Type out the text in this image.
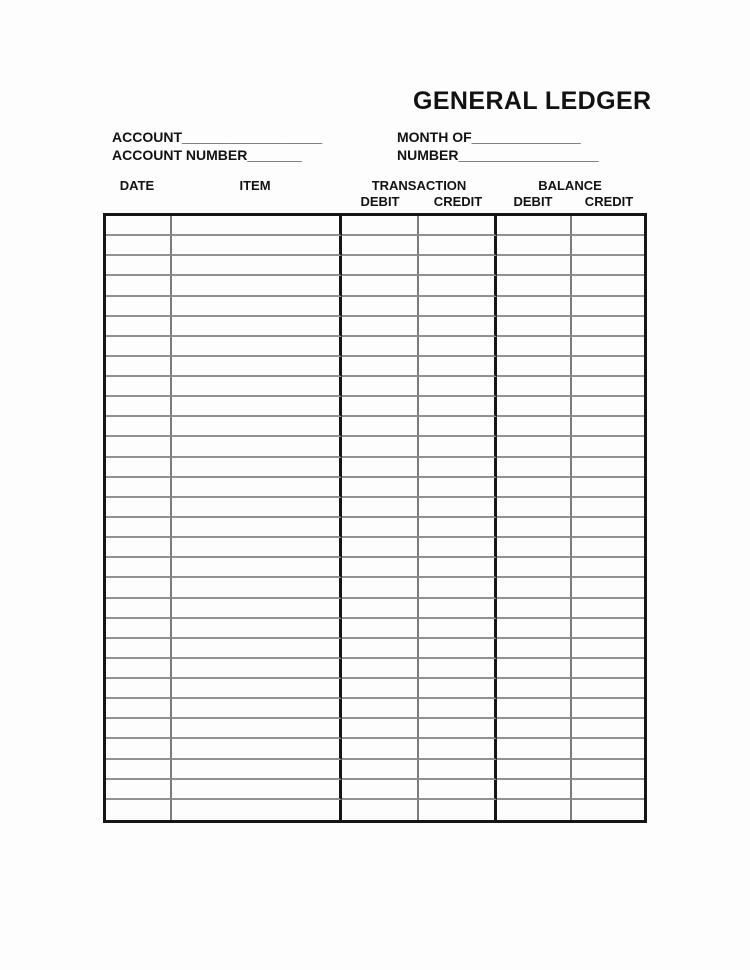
GENERAL LEDGER
ACCOUNT__________________
ACCOUNT NUMBER_______
MONTH OF______________
NUMBER__________________
DATE	ITEM	TRANSACTION	BALANCE
DEBIT	CREDIT DEBIT CREDIT
